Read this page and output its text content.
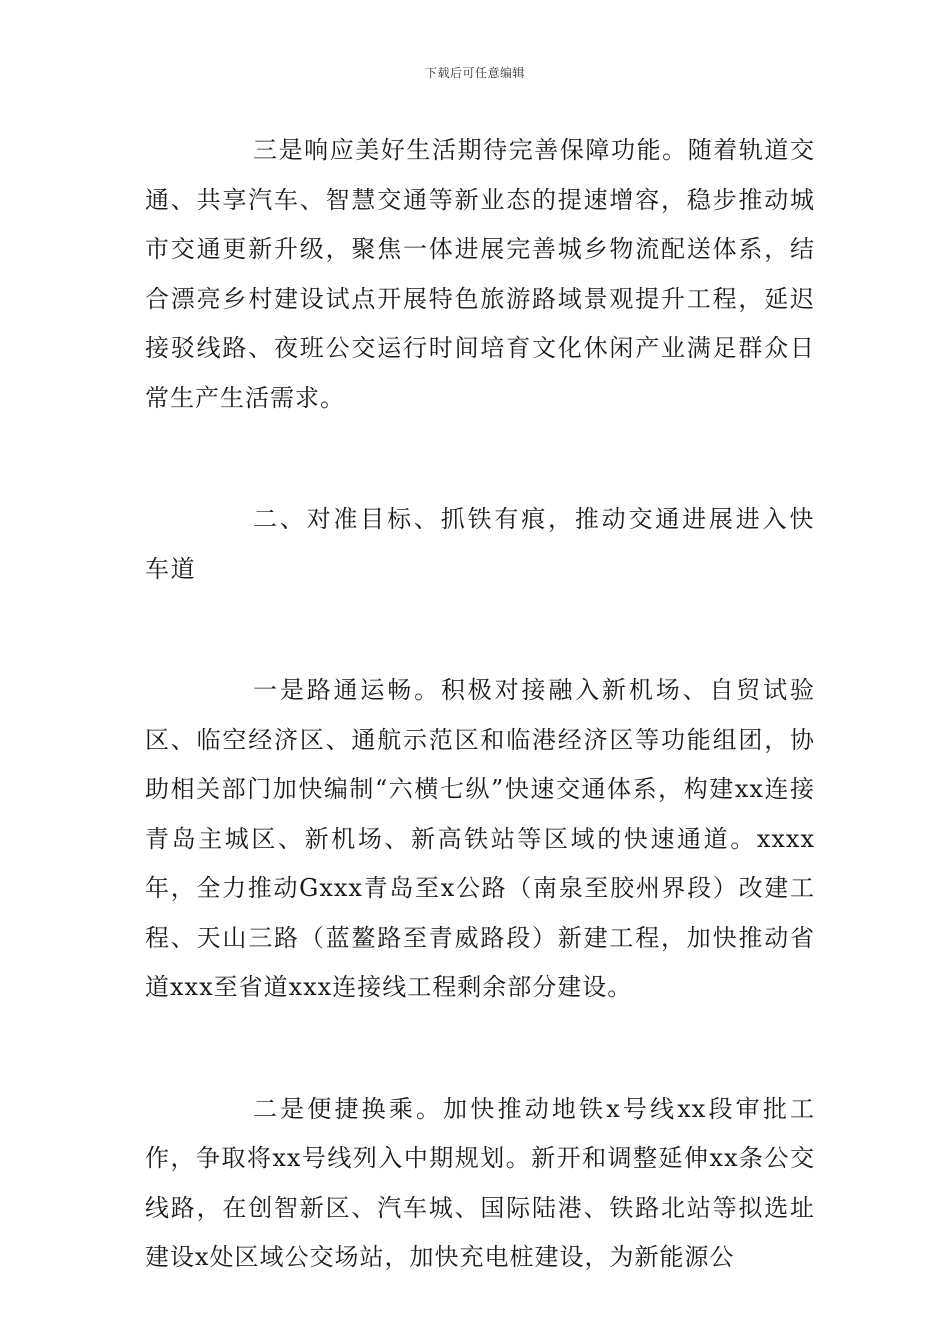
下载后可任意编辑

三是响应美好生活期待完善保障功能。随着轨道交通、共享汽车、智慧交通等新业态的提速增容，稳步推动城市交通更新升级，聚焦一体进展完善城乡物流配送体系，结合漂亮乡村建设试点开展特色旅游路域景观提升工程，延迟接驳线路、夜班公交运行时间培育文化休闲产业满足群众日常生产生活需求。

二、对准目标、抓铁有痕，推动交通进展进入快车道

一是路通运畅。积极对接融入新机场、自贸试验区、临空经济区、通航示范区和临港经济区等功能组团，协助相关部门加快编制“六横七纵”快速交通体系，构建xx连接青岛主城区、新机场、新高铁站等区域的快速通道。xxxx年，全力推动Gxxx青岛至x公路（南泉至胶州界段）改建工程、天山三路（蓝鳌路至青威路段）新建工程，加快推动省道xxx至省道xxx连接线工程剩余部分建设。

二是便捷换乘。加快推动地铁x号线xx段审批工作，争取将xx号线列入中期规划。新开和调整延伸xx条公交线路，在创智新区、汽车城、国际陆港、铁路北站等拟选址建设x处区域公交场站，加快充电桩建设，为新能源公
